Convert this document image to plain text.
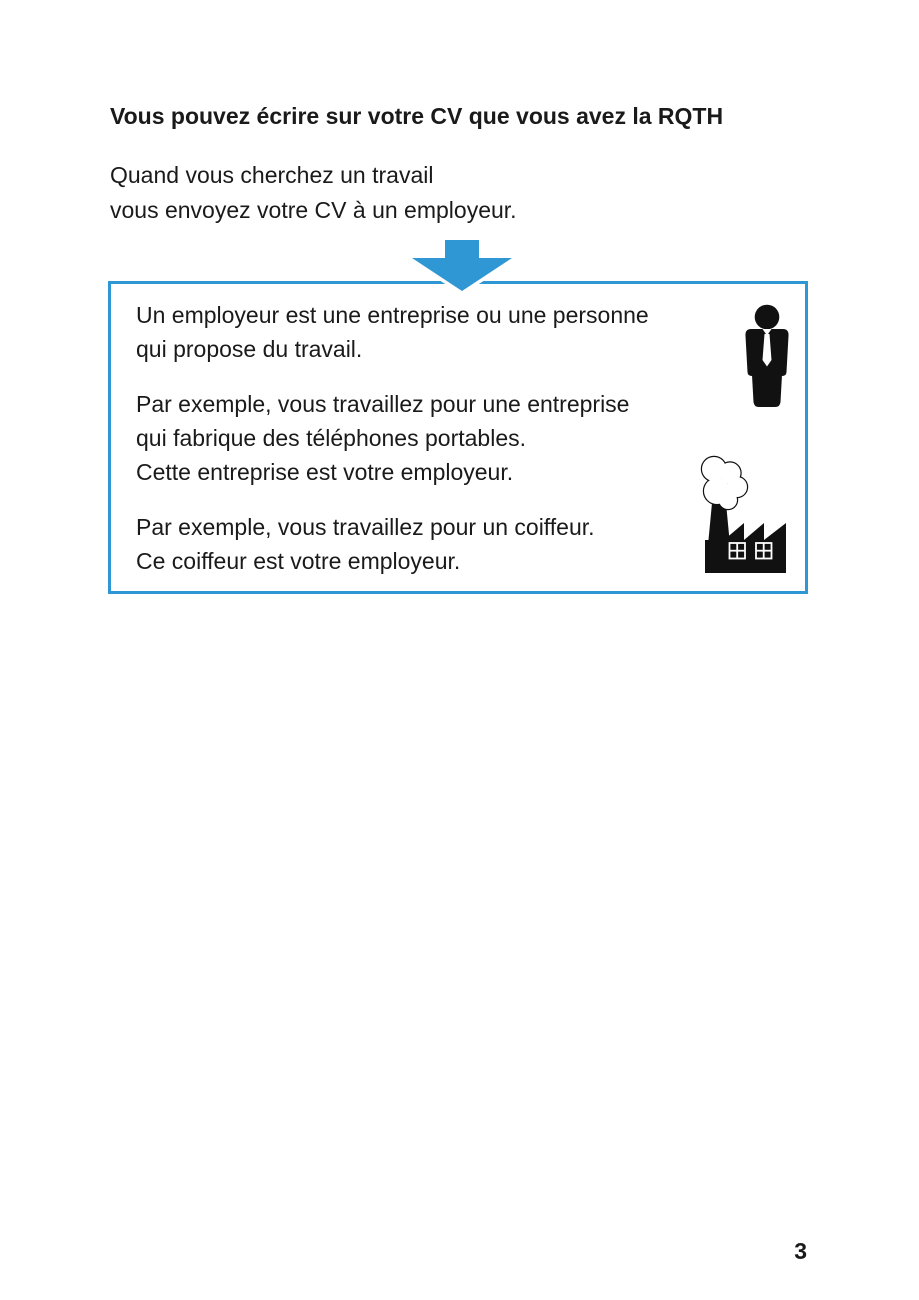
Vous pouvez écrire sur votre CV que vous avez la RQTH
Quand vous cherchez un travail
vous envoyez votre CV à un employeur.

Un employeur est une entreprise ou une personne
qui propose du travail.

Par exemple, vous travaillez pour une entreprise
qui fabrique des téléphones portables.
Cette entreprise est votre employeur.

Par exemple, vous travaillez pour un coiffeur.
Ce coiffeur est votre employeur.

3
